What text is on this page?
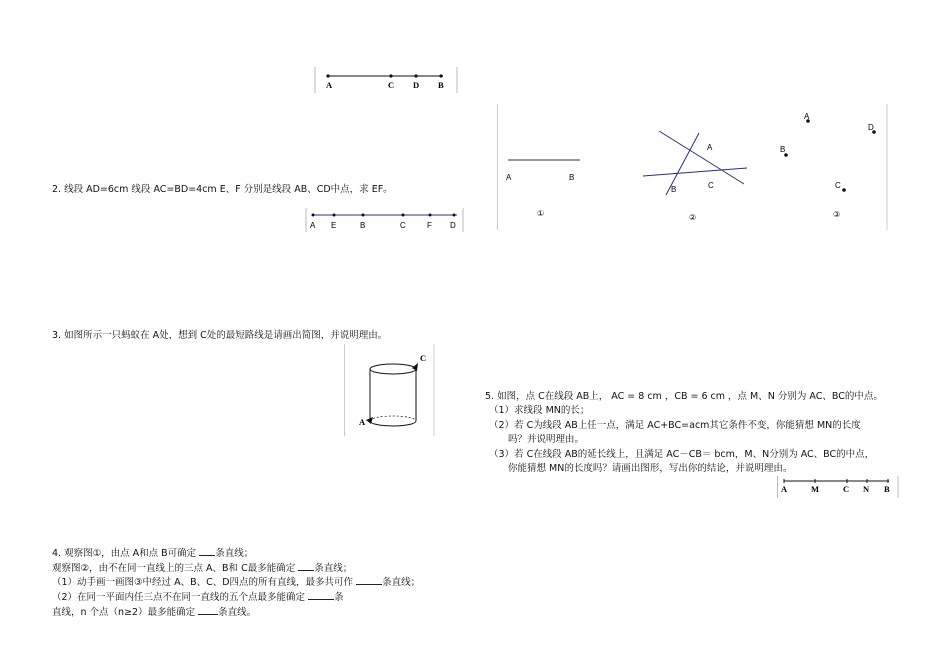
A	C D B
A	B
①
A
B	C
②
A
B
D
C
③
2. 线段 AD=6cm 线段 AC=BD=4cm E、F 分别是线段 AB、CD中点，求 EF。
A E	B	C	F D
3. 如图所示一只蚂蚁在 A处，想到 C处的最短路线是请画出简图，并说明理由。
C
A
5. 如图，点 C在线段 AB上， AC = 8 cm ，CB = 6 cm ，点 M、N 分别为 AC、BC的中点。
（1）求线段 MN的长；
（2）若 C为线段 AB上任一点，满足 AC+BC=acm其它条件不变，你能猜想 MN的长度
吗？并说明理由。
（3）若 C在线段 AB的延长线上，且满足 AC－CB＝ bcm，M、N分别为 AC、BC的中点，
你能猜想 MN的长度吗？请画出图形，写出你的结论，并说明理由。
A	M	C N B
4. 观察图①，由点 A和点 B可确定 条直线；
观察图②，由不在同一直线上的三点 A、B和 C最多能确定 条直线；
（1）动手画一画图③中经过 A、B、C、D四点的所有直线，最多共可作	条直线；
（2）在同一平面内任三点不在同一直线的五个点最多能确定	条
直线，n 个点（n≥2）最多能确定 条直线。
